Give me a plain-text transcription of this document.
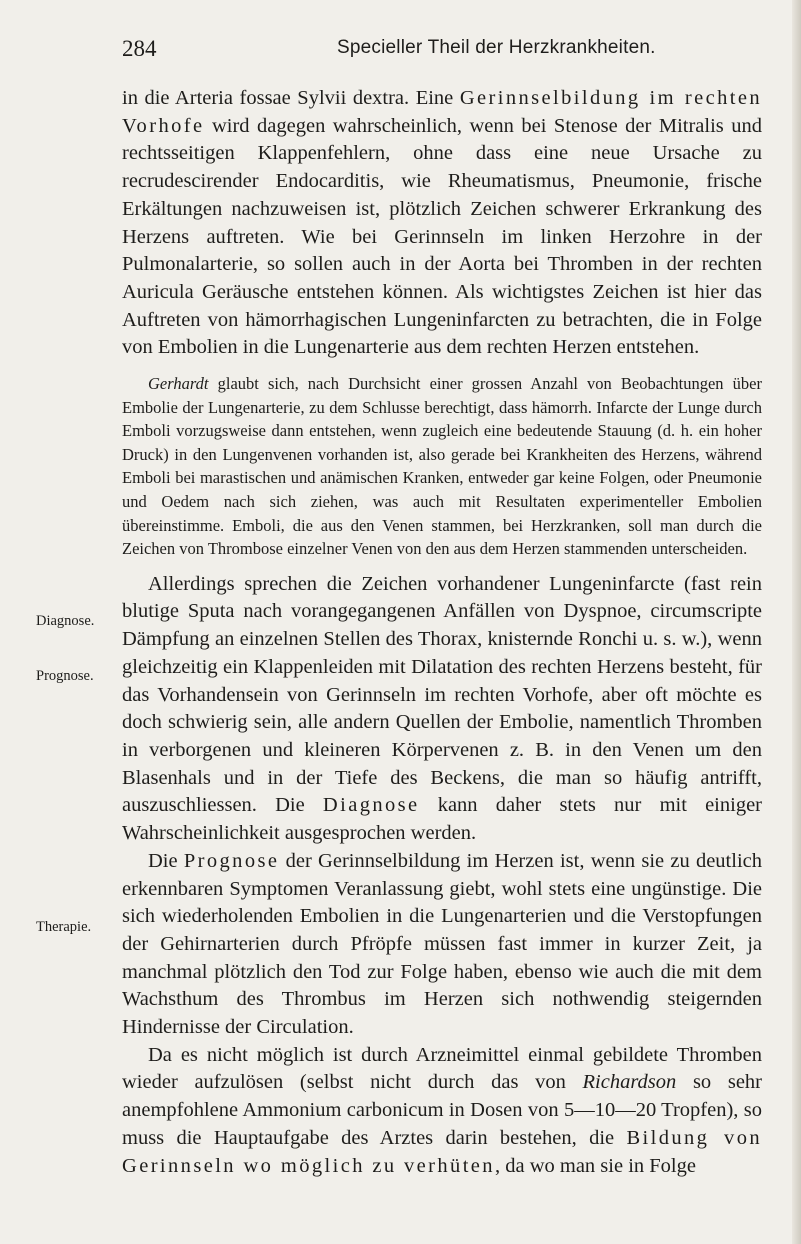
284	Specieller Theil der Herzkrankheiten.
Diagnose.
Prognose.
Therapie.

in die Arteria fossae Sylvii dextra. Eine Gerinnselbildung im rechten Vorhofe wird dagegen wahrscheinlich, wenn bei Stenose der Mitralis und rechtsseitigen Klappenfehlern, ohne dass eine neue Ursache zu recrudescirender Endocarditis, wie Rheumatismus, Pneumonie, frische Erkältungen nachzuweisen ist, plötzlich Zeichen schwerer Erkrankung des Herzens auftreten. Wie bei Gerinnseln im linken Herzohre in der Pulmonalarterie, so sollen auch in der Aorta bei Thromben in der rechten Auricula Geräusche entstehen können. Als wichtigstes Zeichen ist hier das Auftreten von hämorrhagischen Lungeninfarcten zu betrachten, die in Folge von Embolien in die Lungenarterie aus dem rechten Herzen entstehen.

Gerhardt glaubt sich, nach Durchsicht einer grossen Anzahl von Beobachtungen über Embolie der Lungenarterie, zu dem Schlusse berechtigt, dass hämorrh. Infarcte der Lunge durch Emboli vorzugsweise dann entstehen, wenn zugleich eine bedeutende Stauung (d. h. ein hoher Druck) in den Lungenvenen vorhanden ist, also gerade bei Krankheiten des Herzens, während Emboli bei marastischen und anämischen Kranken, entweder gar keine Folgen, oder Pneumonie und Oedem nach sich ziehen, was auch mit Resultaten experimenteller Embolien übereinstimme. Emboli, die aus den Venen stammen, bei Herzkranken, soll man durch die Zeichen von Thrombose einzelner Venen von den aus dem Herzen stammenden unterscheiden.

Allerdings sprechen die Zeichen vorhandener Lungeninfarcte (fast rein blutige Sputa nach vorangegangenen Anfällen von Dyspnoe, circumscripte Dämpfung an einzelnen Stellen des Thorax, knisternde Ronchi u. s. w.), wenn gleichzeitig ein Klappenleiden mit Dilatation des rechten Herzens besteht, für das Vorhandensein von Gerinnseln im rechten Vorhofe, aber oft möchte es doch schwierig sein, alle andern Quellen der Embolie, namentlich Thromben in verborgenen und kleineren Körpervenen z. B. in den Venen um den Blasenhals und in der Tiefe des Beckens, die man so häufig antrifft, auszuschliessen. Die Diagnose kann daher stets nur mit einiger Wahrscheinlichkeit ausgesprochen werden.

Die Prognose der Gerinnselbildung im Herzen ist, wenn sie zu deutlich erkennbaren Symptomen Veranlassung giebt, wohl stets eine ungünstige. Die sich wiederholenden Embolien in die Lungenarterien und die Verstopfungen der Gehirnarterien durch Pfröpfe müssen fast immer in kurzer Zeit, ja manchmal plötzlich den Tod zur Folge haben, ebenso wie auch die mit dem Wachsthum des Thrombus im Herzen sich nothwendig steigernden Hindernisse der Circulation.

Da es nicht möglich ist durch Arzneimittel einmal gebildete Thromben wieder aufzulösen (selbst nicht durch das von Richardson so sehr anempfohlene Ammonium carbonicum in Dosen von 5—10—20 Tropfen), so muss die Hauptaufgabe des Arztes darin bestehen, die Bildung von Gerinnseln wo möglich zu verhüten, da wo man sie in Folge
